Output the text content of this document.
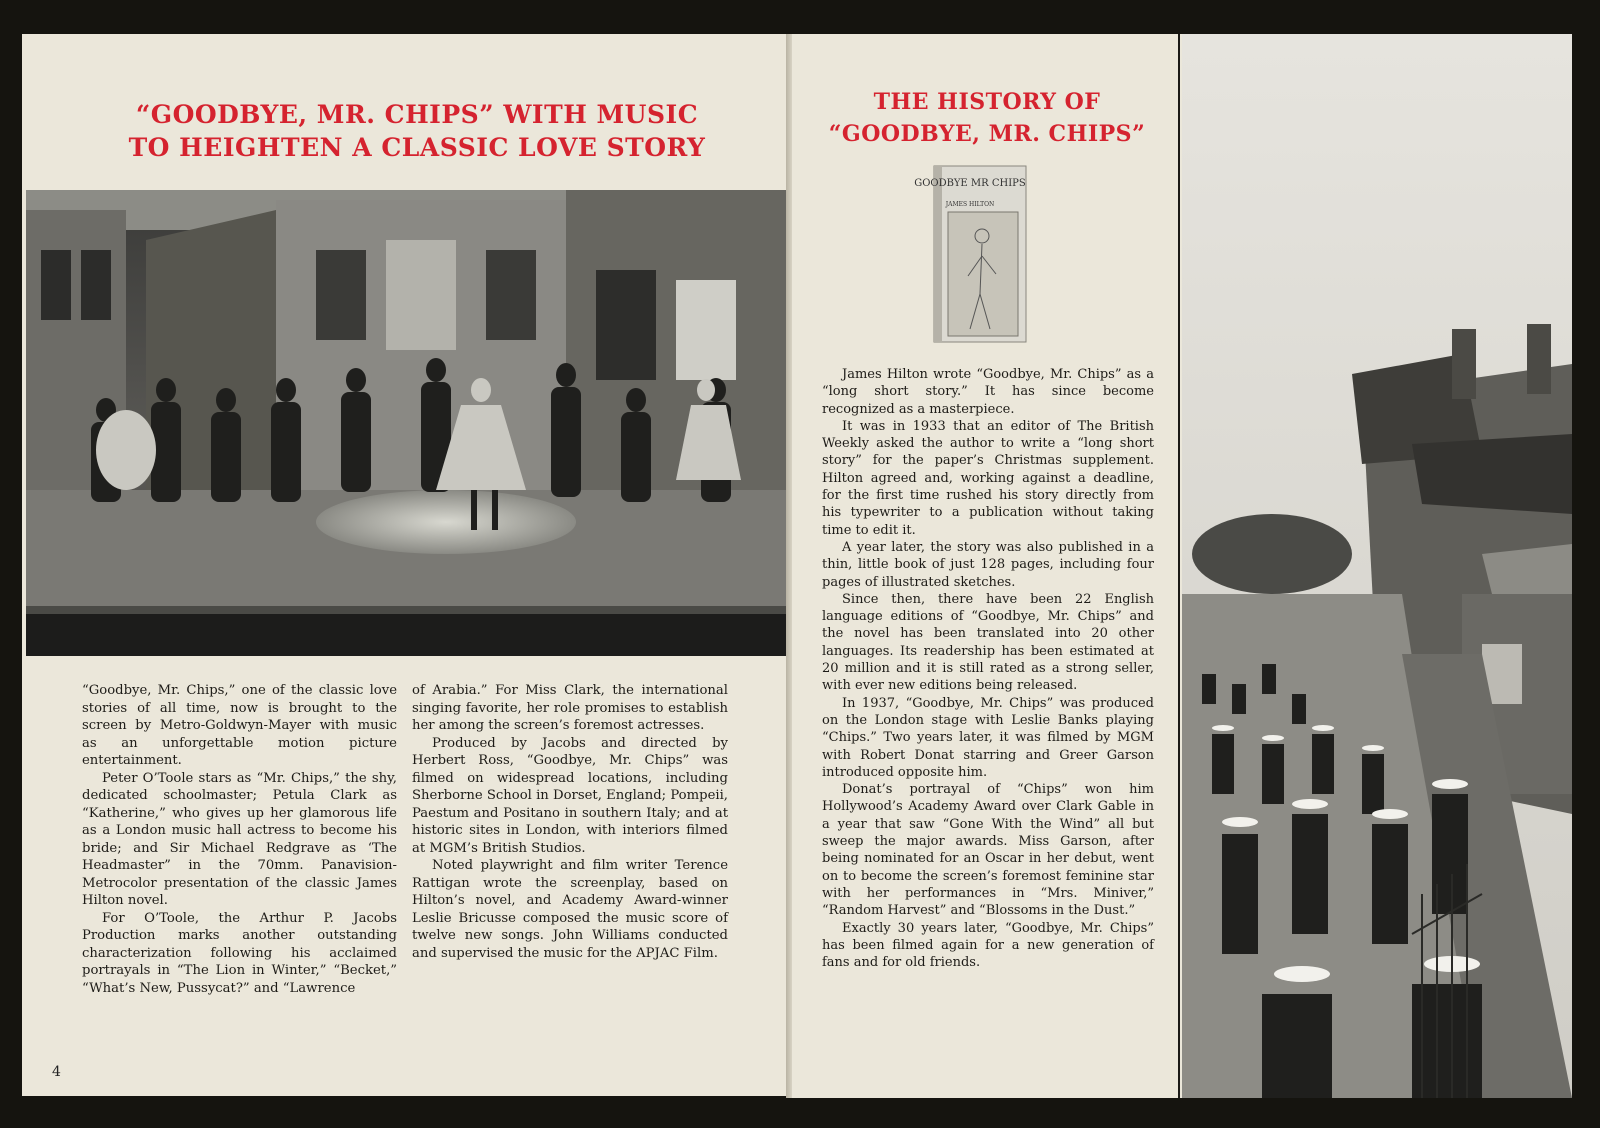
“GOODBYE, MR. CHIPS” WITH MUSIC TO HEIGHTEN A CLASSIC LOVE STORY

“Goodbye, Mr. Chips,” one of the classic love stories of all time, now is brought to the screen by Metro-Goldwyn-Mayer with music as an unforgettable motion picture entertainment.

Peter O’Toole stars as “Mr. Chips,” the shy, dedicated schoolmaster; Petula Clark as “Katherine,” who gives up her glamorous life as a London music hall actress to become his bride; and Sir Michael Redgrave as ‘The Headmaster” in the 70mm. Panavision-Metrocolor presentation of the classic James Hilton novel.

For O’Toole, the Arthur P. Jacobs Production marks another outstanding characterization following his acclaimed portrayals in “The Lion in Winter,” “Becket,” “What’s New, Pussycat?” and “Lawrence

of Arabia.” For Miss Clark, the international singing favorite, her role promises to establish her among the screen’s foremost actresses.

Produced by Jacobs and directed by Herbert Ross, “Goodbye, Mr. Chips” was filmed on widespread locations, including Sherborne School in Dorset, England; Pompeii, Paestum and Positano in southern Italy; and at historic sites in London, with interiors filmed at MGM’s British Studios.

Noted playwright and film writer Terence Rattigan wrote the screenplay, based on Hilton’s novel, and Academy Award-winner Leslie Bricusse composed the music score of twelve new songs. John Williams conducted and supervised the music for the APJAC Film.

4
THE HISTORY OF “GOODBYE, MR. CHIPS”
GOODBYE MR CHIPS
JAMES HILTON

James Hilton wrote “Goodbye, Mr. Chips” as a “long short story.” It has since become recognized as a masterpiece.

It was in 1933 that an editor of The British Weekly asked the author to write a “long short story” for the paper’s Christmas supplement. Hilton agreed and, working against a deadline, for the first time rushed his story directly from his typewriter to a publication without taking time to edit it.

A year later, the story was also published in a thin, little book of just 128 pages, including four pages of illustrated sketches.

Since then, there have been 22 English language editions of “Goodbye, Mr. Chips” and the novel has been translated into 20 other languages. Its readership has been estimated at 20 million and it is still rated as a strong seller, with ever new editions being released.

In 1937, “Goodbye, Mr. Chips” was produced on the London stage with Leslie Banks playing “Chips.” Two years later, it was filmed by MGM with Robert Donat starring and Greer Garson introduced opposite him.

Donat’s portrayal of “Chips” won him Hollywood’s Academy Award over Clark Gable in a year that saw “Gone With the Wind” all but sweep the major awards. Miss Garson, after being nominated for an Oscar in her debut, went on to become the screen’s foremost feminine star with her performances in “Mrs. Miniver,” “Random Harvest” and “Blossoms in the Dust.”

Exactly 30 years later, “Goodbye, Mr. Chips” has been filmed again for a new generation of fans and for old friends.
